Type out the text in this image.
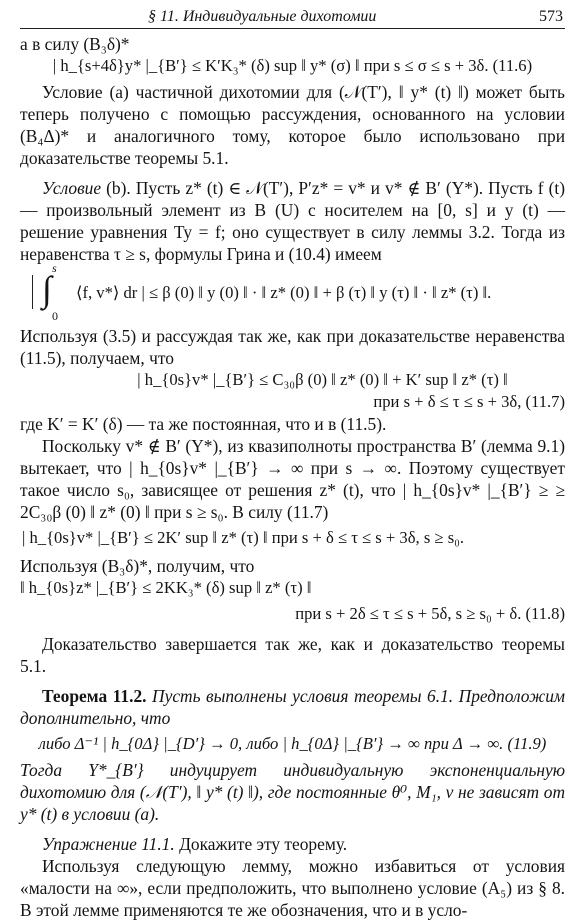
§ 11. Индивидуальные дихотомии	573

а в силу (B₃δ)*

| h_{s+4δ}y* |_{B′} ≤ K′K₃* (δ) sup ‖ y* (σ) ‖ при s ≤ σ ≤ s + 3δ. (11.6)

Условие (a) частичной дихотомии для (𝒩(T′), ‖ y* (t) ‖) может быть теперь получено с помощью рассуждения, основанного на условии (B₄Δ)* и аналогичного тому, которое было использовано при доказательстве теоремы 5.1.

Условие (b). Пусть z* (t) ∈ 𝒩(T′), P′z* = v* и v* ∉ B′ (Y*). Пусть f (t) — произвольный элемент из B (U) с носителем на [0, s] и y (t) — решение уравнения Ty = f; оно существует в силу леммы 3.2. Тогда из неравенства τ ≥ s, формулы Грина и (10.4) имеем

s
∫
0
⟨f, v*⟩ dr | ≤ β (0) ‖ y (0) ‖ · ‖ z* (0) ‖ + β (τ) ‖ y (τ) ‖ · ‖ z* (τ) ‖.

Используя (3.5) и рассуждая так же, как при доказательстве неравенства (11.5), получаем, что

| h_{0s}v* |_{B′} ≤ C₃₀β (0) ‖ z* (0) ‖ + K′ sup ‖ z* (τ) ‖

при s + δ ≤ τ ≤ s + 3δ, (11.7)

где K′ = K′ (δ) — та же постоянная, что и в (11.5).

Поскольку v* ∉ B′ (Y*), из квазиполноты пространства B′ (лемма 9.1) вытекает, что | h_{0s}v* |_{B′} → ∞ при s → ∞. Поэтому существует такое число s₀, зависящее от решения z* (t), что | h_{0s}v* |_{B′} ≥ ≥ 2C₃₀β (0) ‖ z* (0) ‖ при s ≥ s₀. В силу (11.7)

| h_{0s}v* |_{B′} ≤ 2K′ sup ‖ z* (τ) ‖ при s + δ ≤ τ ≤ s + 3δ, s ≥ s₀.

Используя (B₃δ)*, получим, что

‖ h_{0s}z* |_{B′} ≤ 2KK₃* (δ) sup ‖ z* (τ) ‖

при s + 2δ ≤ τ ≤ s + 5δ, s ≥ s₀ + δ. (11.8)

Доказательство завершается так же, как и доказательство теоремы 5.1.

Теорема 11.2. Пусть выполнены условия теоремы 6.1. Предположим дополнительно, что

либо Δ⁻¹ | h_{0Δ} |_{D′} → 0, либо | h_{0Δ} |_{B′} → ∞ при Δ → ∞. (11.9)

Тогда Y*_{B′} индуцирует индивидуальную экспоненциальную дихотомию для (𝒩(T′), ‖ y* (t) ‖), где постоянные θ⁰, M₁, ν не зависят от y* (t) в условии (a).

Упражнение 11.1. Докажите эту теорему.

Используя следующую лемму, можно избавиться от условия «малости на ∞», если предположить, что выполнено условие (A₅) из § 8. В этой лемме применяются те же обозначения, что и в усло-
